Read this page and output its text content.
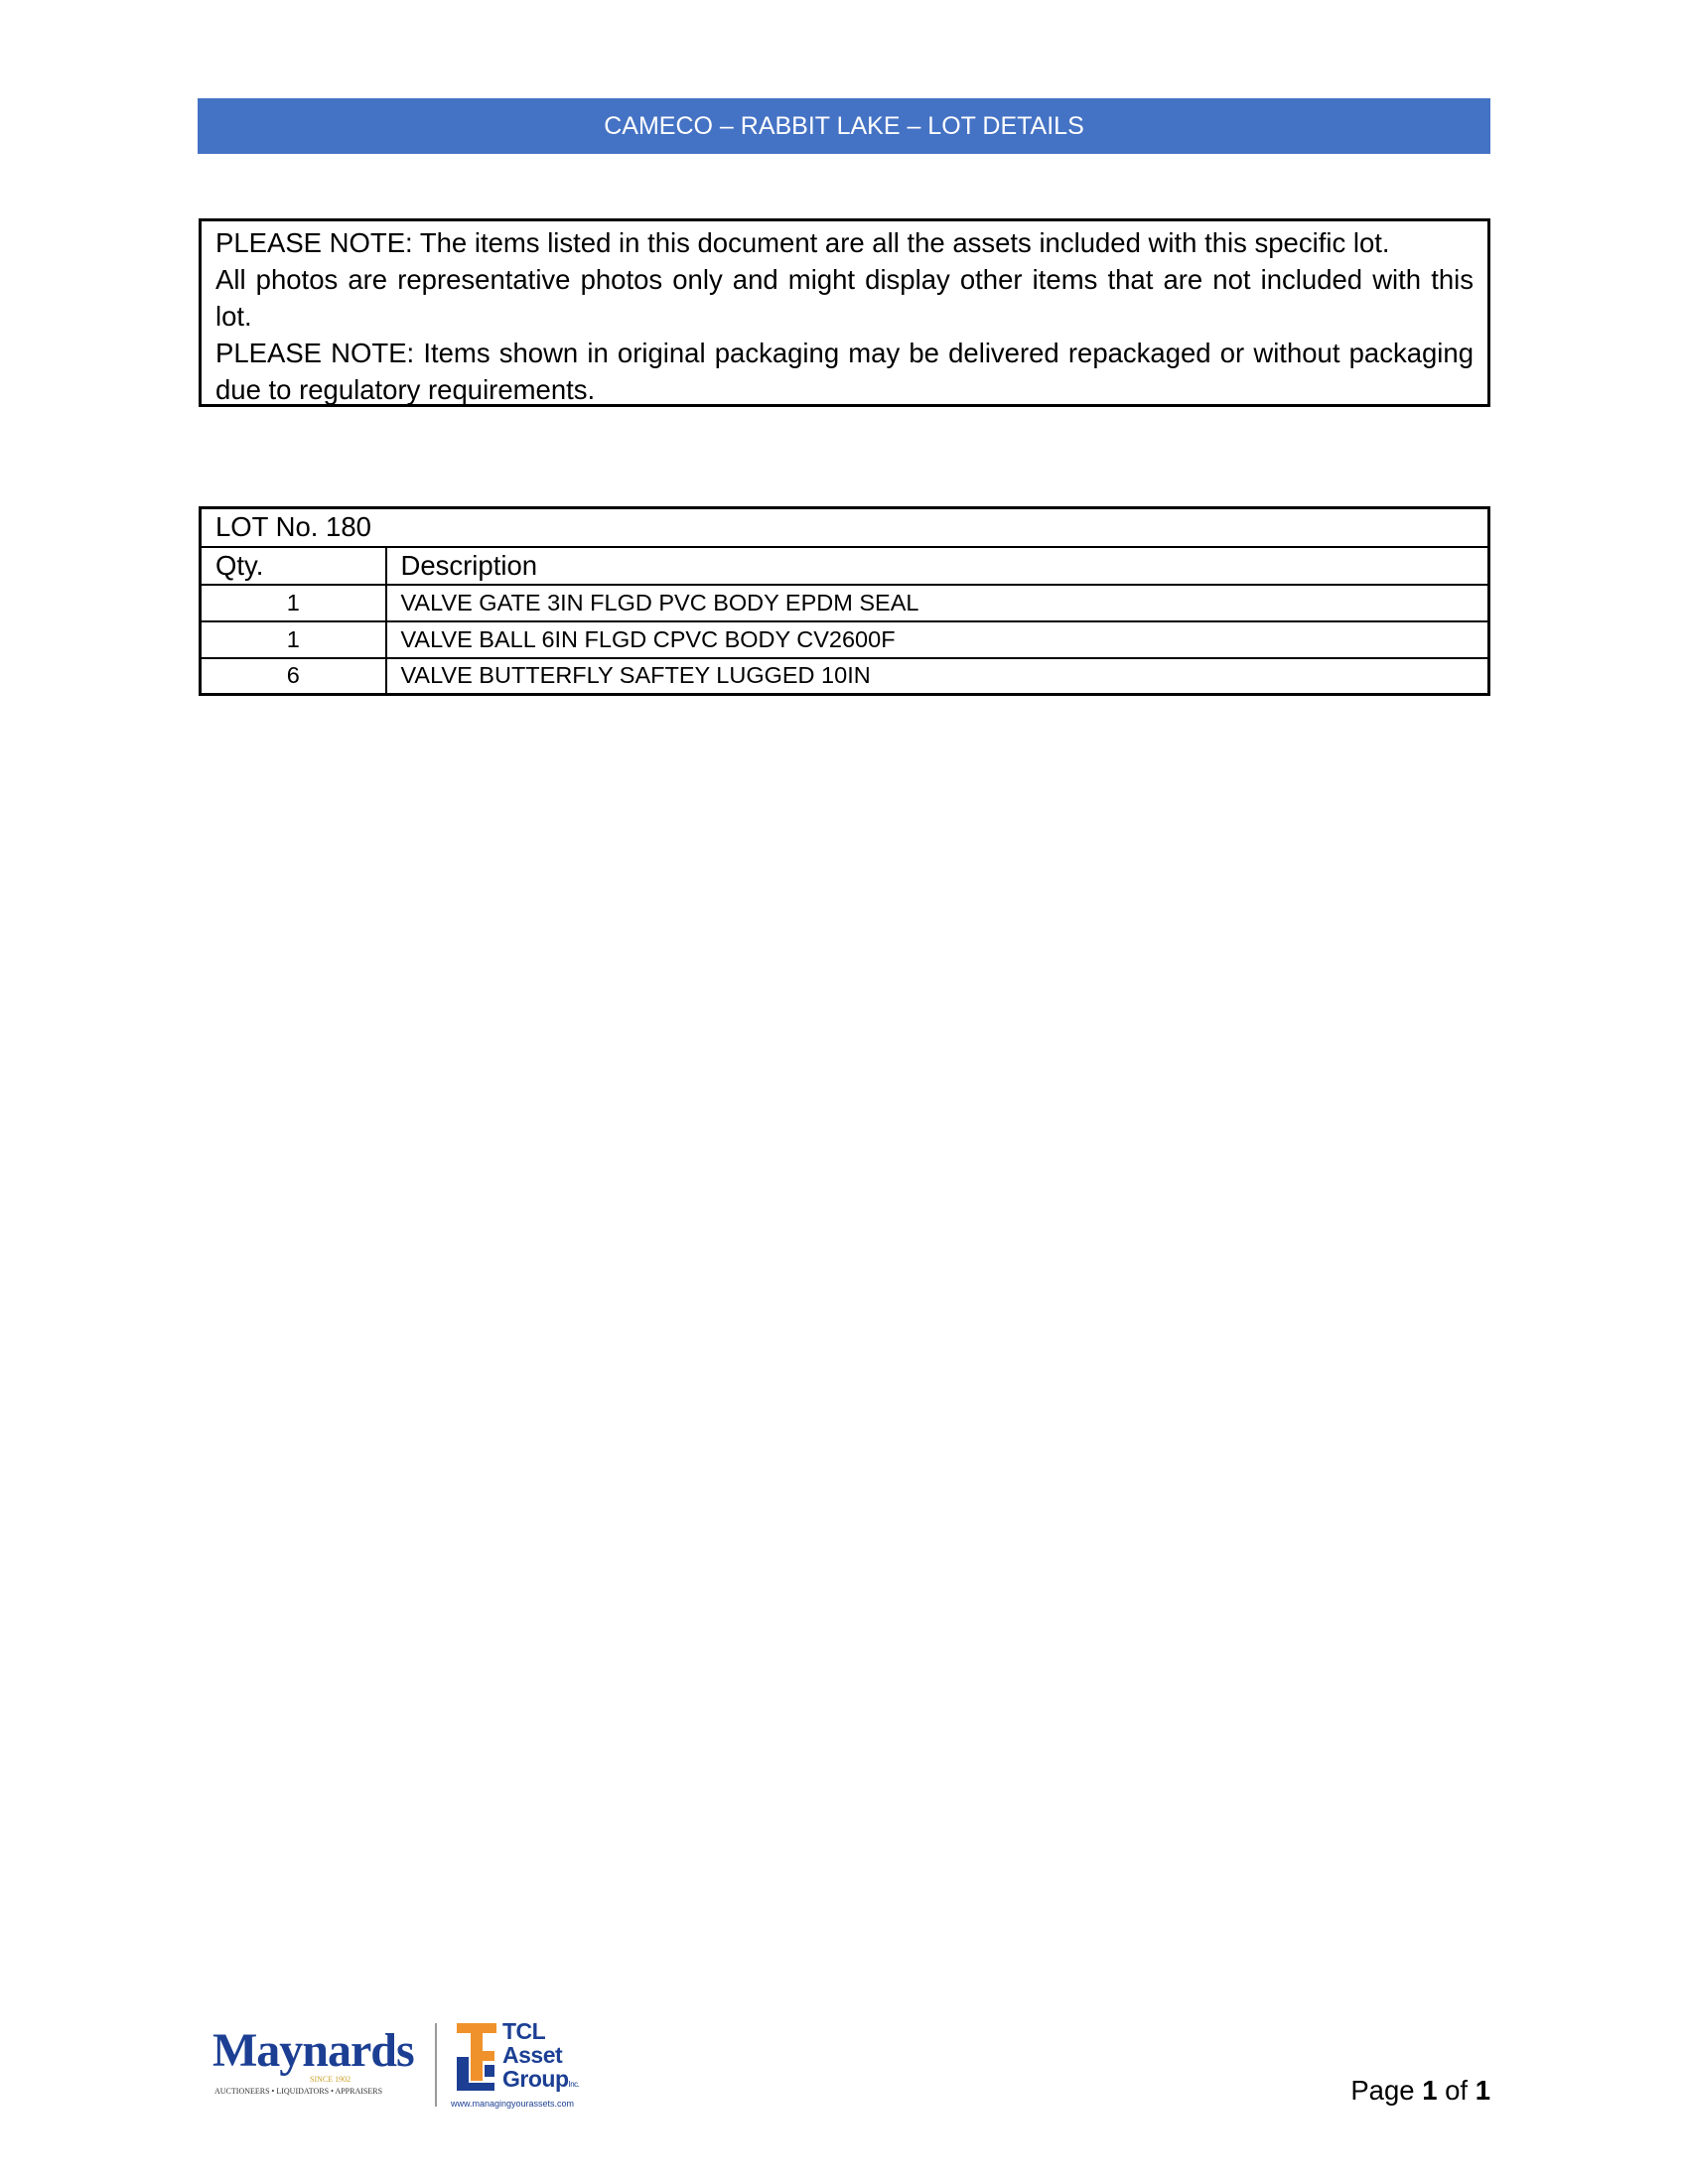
CAMECO – RABBIT LAKE – LOT DETAILS

PLEASE NOTE: The items listed in this document are all the assets included with this specific lot.

All photos are representative photos only and might display other items that are not included with this lot.

PLEASE NOTE: Items shown in original packaging may be delivered repackaged or without packaging due to regulatory requirements.

LOT No. 180	
Qty.	Description
1	VALVE GATE 3IN FLGD PVC BODY EPDM SEAL
1	VALVE BALL 6IN FLGD CPVC BODY CV2600F
6	VALVE BUTTERFLY SAFTEY LUGGED 10IN
Maynards
SINCE 1902
AUCTIONEERS • LIQUIDATORS • APPRAISERS
TCL
Asset
GroupInc.
www.managingyourassets.com	Page 1 of 1
